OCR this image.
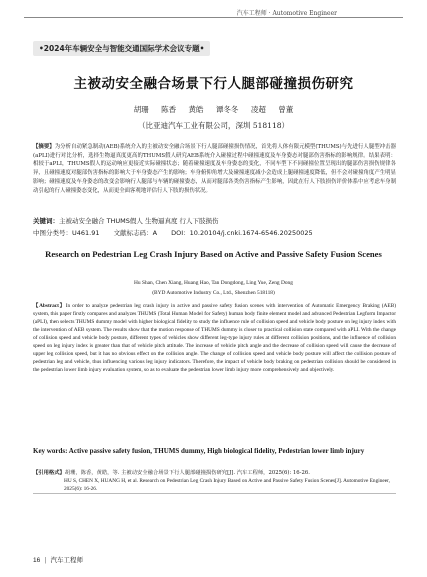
汽车工程师 · Automotive Engineer
•2024年车辆安全与智能交通国际学术会议专题•
主被动安全融合场景下行人腿部碰撞损伤研究
胡珊 陈香 黄皓 谭冬冬 凌超 曾董
（比亚迪汽车工业有限公司，深圳 518118）
【摘要】为分析自动紧急制动(AEB)系统介入的主被动安全融合场景下行人腿部碰撞损伤情况，首先将人体有限元模型(THUMS)与先进行人腿型冲击器(aPLI)进行对比分析，选择生物逼真度更高的THUMS假人研究AEB系统介入碰撞过程中碰撞速度及车身姿态对腿部伤害指标的影响规律。结果表明：相较于aPLI，THUMS假人的运动响应更接近实际碰撞状态；随着碰撞速度及车身姿态的变化，不同车型下不同碰撞位置呈现出的腿部伤害损伤规律各异，且碰撞速度对腿部伤害指标的影响大于车身姿态产生的影响；车身俯仰角增大及碰撞速度减小会造成上腿碰撞速度降低，但不会对碰撞角度产生明显影响；碰撞速度及车身姿态的改变会影响行人腿部与车辆的碰撞姿态，从而对腿部各类伤害指标产生影响，因此在行人下肢损伤评价体系中应考虑车身制动引起的行人碰撞姿态变化，从而更全面客观地评估行人下肢的损伤状况。
关键词：主被动安全融合 THUMS假人 生物逼真度 行人下肢损伤
中图分类号：U461.91 文献标志码：A DOI：10.20104/j.cnki.1674-6546.20250025
Research on Pedestrian Leg Crash Injury Based on Active and Passive Safety Fusion Scenes
Hu Shan, Chen Xiang, Huang Hao, Tan Dongdong, Ling Yue, Zeng Dong
(BYD Automotive Industry Co., Ltd., Shenzhen 518118)
【Abstract】In order to analyze pedestrian leg crash injury in active and passive safety fusion scenes with intervention of Automatic Emergency Braking (AEB) system, this paper firstly compares and analyzes THUMS (Total Human Model for Safety) human body finite element model and advanced Pedestrian Legform Impactor (aPLI), then selects THUMS dummy model with higher biological fidelity to study the influence rule of collision speed and vehicle body posture on leg injury index with the intervention of AEB system. The results show that the motion response of THUMS dummy is closer to practical collision state compared with aPLI. With the change of collision speed and vehicle body posture, different types of vehicles show different leg-type injury rules at different collision positions, and the influence of collision speed on leg injury index is greater than that of vehicle pitch attitude. The increase of vehicle pitch angle and the decrease of collision speed will cause the decrease of upper leg collision speed, but it has no obvious effect on the collision angle. The change of collision speed and vehicle body posture will affect the collision posture of pedestrian leg and vehicle, thus influencing various leg injury indicators. Therefore, the impact of vehicle body braking on pedestrian collision should be considered in the pedestrian lower limb injury evaluation system, so as to evaluate the pedestrian lower limb injury more comprehensively and objectively.
Key words: Active passive safety fusion, THUMS dummy, High biological fidelity, Pedestrian lower limb injury
【引用格式】胡珊，陈香，黄皓，等. 主被动安全融合场景下行人腿部碰撞损伤研究[J]. 汽车工程师，2025(6): 16-26.
HU S, CHEN X, HUANG H, et al. Research on Pedestrian Leg Crash Injury Based on Active and Passive Safety Fusion Scenes[J]. Automotive Engineer, 2025(6): 16-26.
16 | 汽车工程师
